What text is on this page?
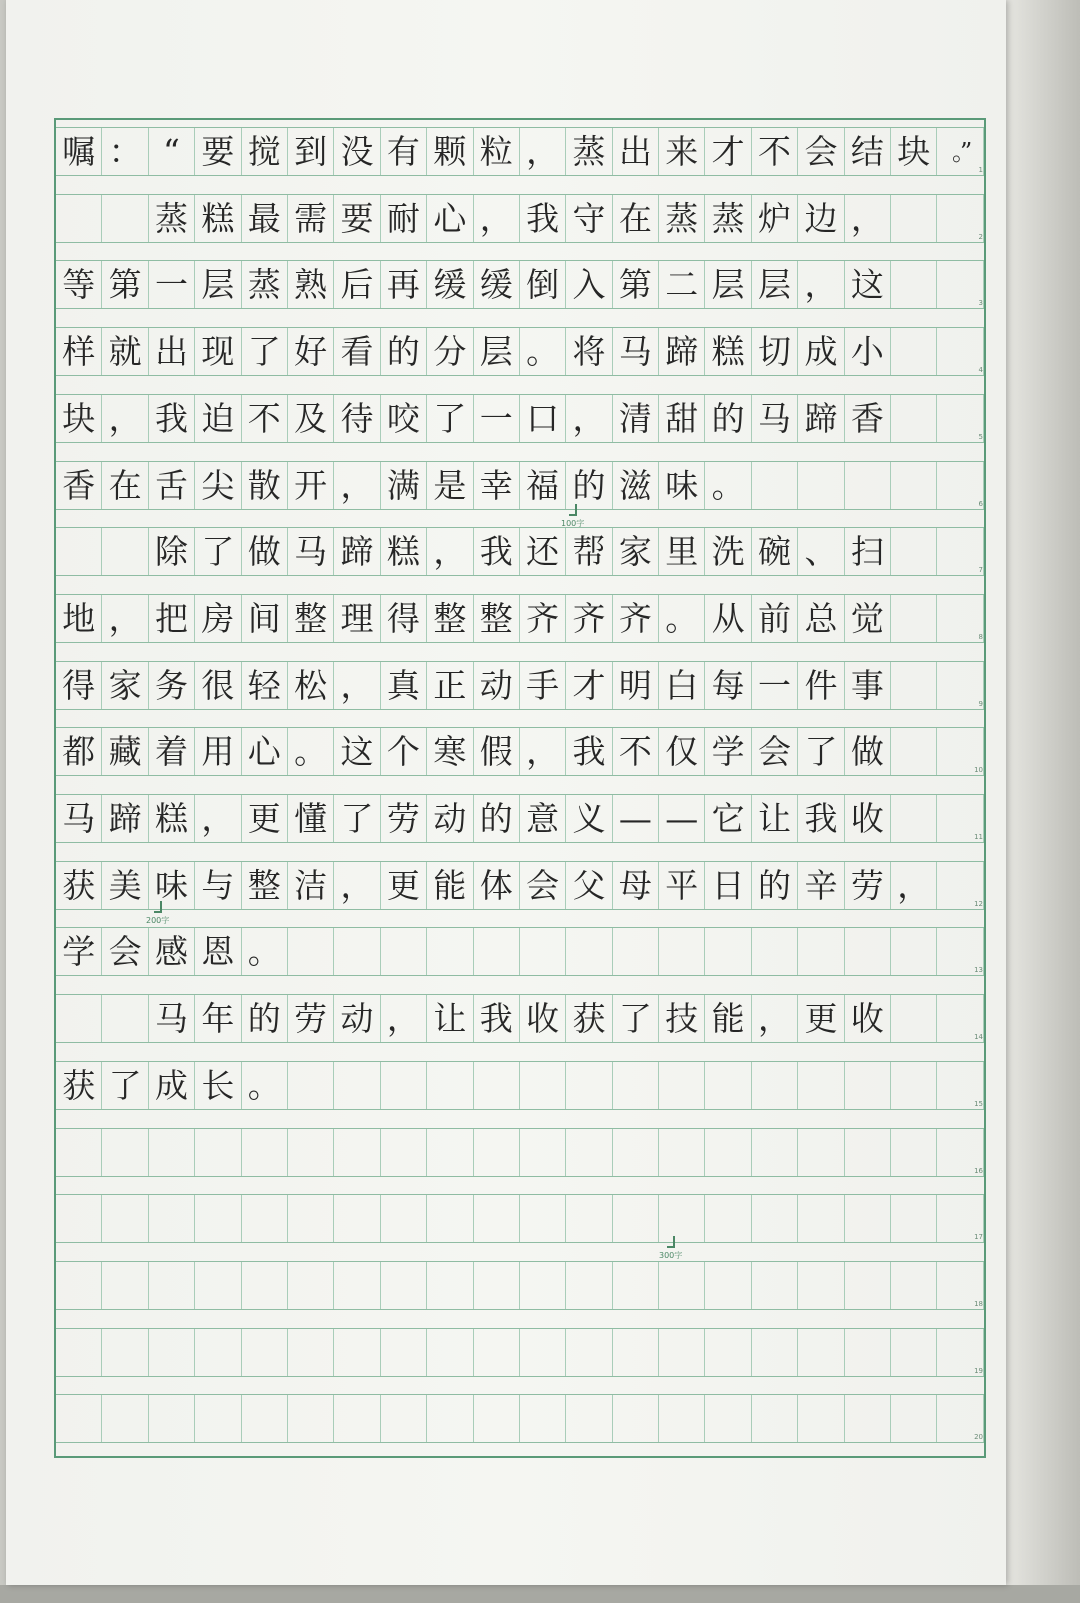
嘱 ： “ 要 搅 到 没 有 颗 粒 ， 蒸 出 来 才 不 会 结 块 。”
1
蒸 糕 最 需 要 耐 心 ， 我 守 在 蒸 蒸 炉 边 ，	2
等 第 一 层 蒸 熟 后 再 缓 缓 倒 入 第 二 层 层 ， 这	3
样 就 出 现 了 好 看 的 分 层 。 将 马 蹄 糕 切 成 小	4
块 ， 我 迫 不 及 待 咬 了 一 口 ， 清 甜 的 马 蹄 香	5
香 在 舌 尖 散 开 ， 满 是 幸 福 的 滋 味 。	6
除 了 做 马 蹄 糕 ， 我 还 帮 家 里 洗 碗 、 扫	7
地 ， 把 房 间 整 理 得 整 整 齐 齐 齐 。 从 前 总 觉	8
得 家 务 很 轻 松 ， 真 正 动 手 才 明 白 每 一 件 事	9
都 藏 着 用 心 。 这 个 寒 假 ， 我 不 仅 学 会 了 做	10
马 蹄 糕 ， 更 懂 了 劳 动 的 意 义 — — 它 让 我 收	11
获 美 味 与 整 洁 ， 更 能 体 会 父 母 平 日 的 辛 劳 ，	12
学 会 感 恩 。	13
马 年 的 劳 动 ， 让 我 收 获 了 技 能 ， 更 收	14
获 了 成 长 。	15
16
17
18
19
20
100字
200字
300字
